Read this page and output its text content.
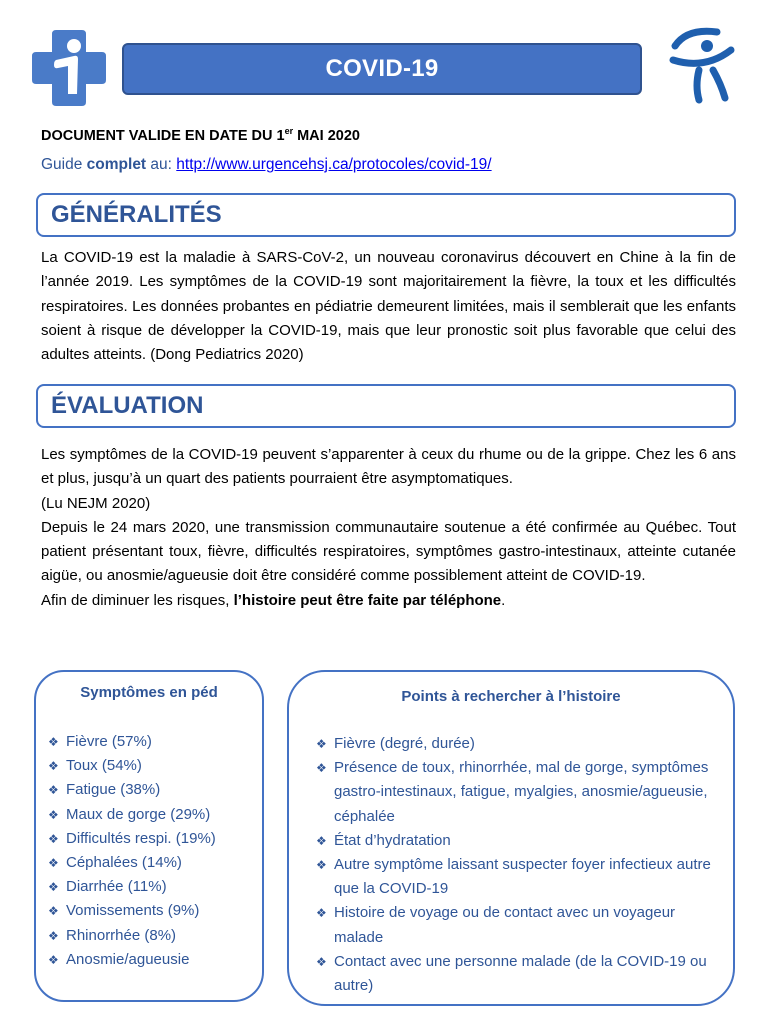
COVID-19
DOCUMENT VALIDE EN DATE DU 1er MAI 2020
Guide complet au: http://www.urgencehsj.ca/protocoles/covid-19/
GÉNÉRALITÉS

La COVID-19 est la maladie à SARS-CoV-2, un nouveau coronavirus découvert en Chine à la fin de l’année 2019. Les symptômes de la COVID-19 sont majoritairement la fièvre, la toux et les difficultés respiratoires. Les données probantes en pédiatrie demeurent limitées, mais il semblerait que les enfants soient à risque de développer la COVID-19, mais que leur pronostic soit plus favorable que celui des adultes atteints. (Dong Pediatrics 2020)

ÉVALUATION

Les symptômes de la COVID-19 peuvent s’apparenter à ceux du rhume ou de la grippe. Chez les 6 ans et plus, jusqu’à un quart des patients pourraient être asymptomatiques.

(Lu NEJM 2020)

Depuis le 24 mars 2020, une transmission communautaire soutenue a été confirmée au Québec. Tout patient présentant toux, fièvre, difficultés respiratoires, symptômes gastro-intestinaux, atteinte cutanée aigüe, ou anosmie/agueusie doit être considéré comme possiblement atteint de COVID-19.

Afin de diminuer les risques, l’histoire peut être faite par téléphone.

Symptômes en péd
❖ Fièvre (57%)
❖ Toux (54%)
❖ Fatigue (38%)
❖ Maux de gorge (29%)
❖ Difficultés respi. (19%)
❖ Céphalées (14%)
❖ Diarrhée (11%)
❖ Vomissements (9%)
❖ Rhinorrhée (8%)
❖ Anosmie/agueusie
Points à rechercher à l’histoire
❖ Fièvre (degré, durée)
❖ Présence de toux, rhinorrhée, mal de gorge, symptômes gastro-intestinaux, fatigue, myalgies, anosmie/agueusie, céphalée
❖ État d’hydratation
❖ Autre symptôme laissant suspecter foyer infectieux autre que la COVID-19
❖ Histoire de voyage ou de contact avec un voyageur malade
❖ Contact avec une personne malade (de la COVID-19 ou autre)
